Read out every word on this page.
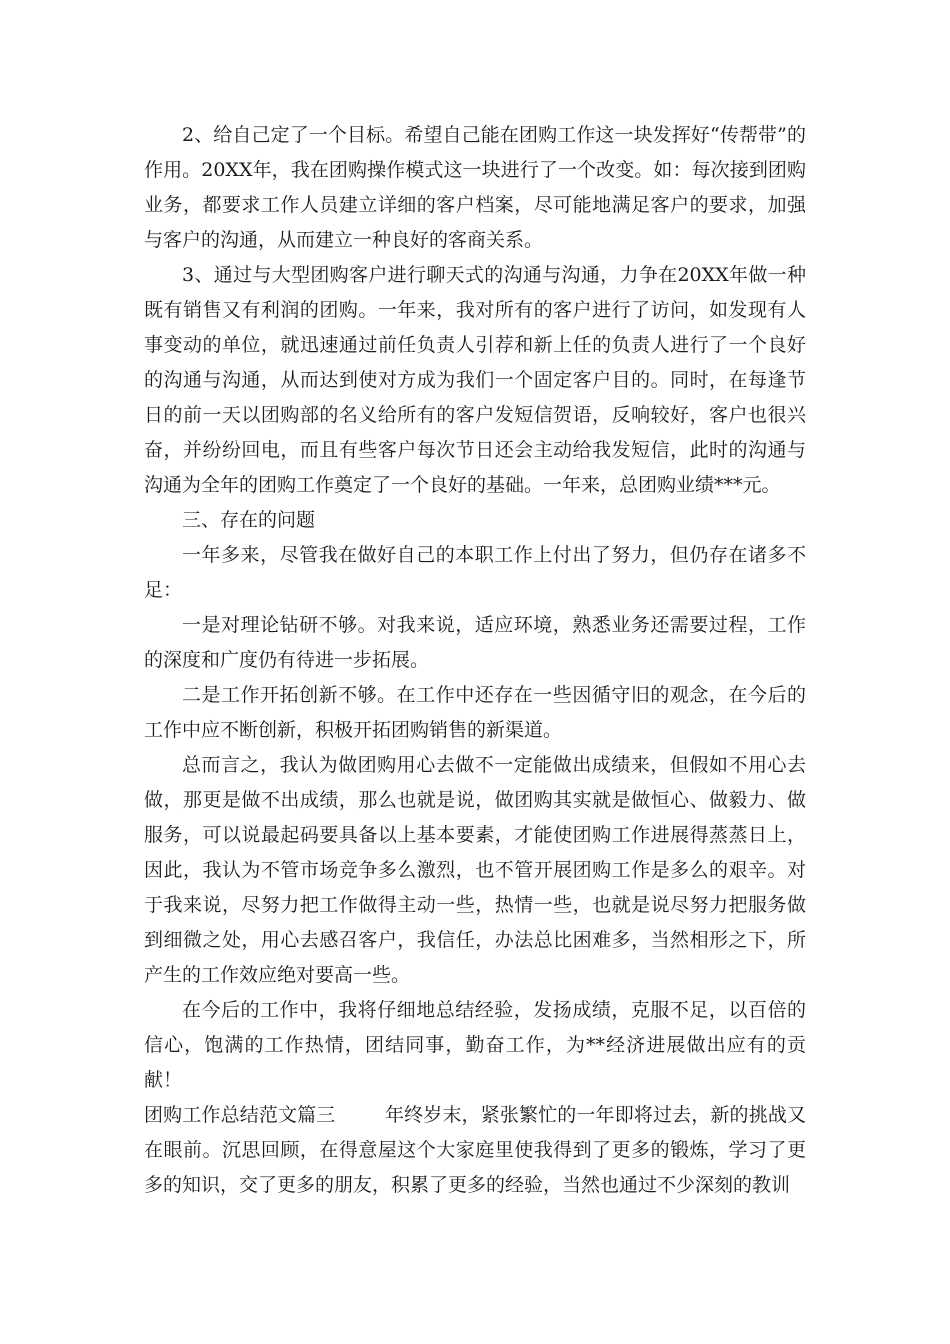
2、给自己定了一个目标。希望自己能在团购工作这一块发挥好“传帮带”的作用。20XX年，我在团购操作模式这一块进行了一个改变。如：每次接到团购业务，都要求工作人员建立详细的客户档案，尽可能地满足客户的要求，加强与客户的沟通，从而建立一种良好的客商关系。

3、通过与大型团购客户进行聊天式的沟通与沟通，力争在20XX年做一种既有销售又有利润的团购。一年来，我对所有的客户进行了访问，如发现有人事变动的单位，就迅速通过前任负责人引荐和新上任的负责人进行了一个良好的沟通与沟通，从而达到使对方成为我们一个固定客户目的。同时，在每逢节日的前一天以团购部的名义给所有的客户发短信贺语，反响较好，客户也很兴奋，并纷纷回电，而且有些客户每次节日还会主动给我发短信，此时的沟通与沟通为全年的团购工作奠定了一个良好的基础。一年来，总团购业绩***元。

三、存在的问题

一年多来，尽管我在做好自己的本职工作上付出了努力，但仍存在诸多不足：

一是对理论钻研不够。对我来说，适应环境，熟悉业务还需要过程，工作的深度和广度仍有待进一步拓展。

二是工作开拓创新不够。在工作中还存在一些因循守旧的观念，在今后的工作中应不断创新，积极开拓团购销售的新渠道。

总而言之，我认为做团购用心去做不一定能做出成绩来，但假如不用心去做，那更是做不出成绩，那么也就是说，做团购其实就是做恒心、做毅力、做服务，可以说最起码要具备以上基本要素，才能使团购工作进展得蒸蒸日上，因此，我认为不管市场竞争多么激烈，也不管开展团购工作是多么的艰辛。对于我来说，尽努力把工作做得主动一些，热情一些，也就是说尽努力把服务做到细微之处，用心去感召客户，我信任，办法总比困难多，当然相形之下，所产生的工作效应绝对要高一些。

在今后的工作中，我将仔细地总结经验，发扬成绩，克服不足，以百倍的信心，饱满的工作热情，团结同事，勤奋工作，为**经济进展做出应有的贡献！

团购工作总结范文篇三	年终岁末，紧张繁忙的一年即将过去，新的挑战又在眼前。沉思回顾，在得意屋这个大家庭里使我得到了更多的锻炼，学习了更多的知识，交了更多的朋友，积累了更多的经验，当然也通过不少深刻的教训
